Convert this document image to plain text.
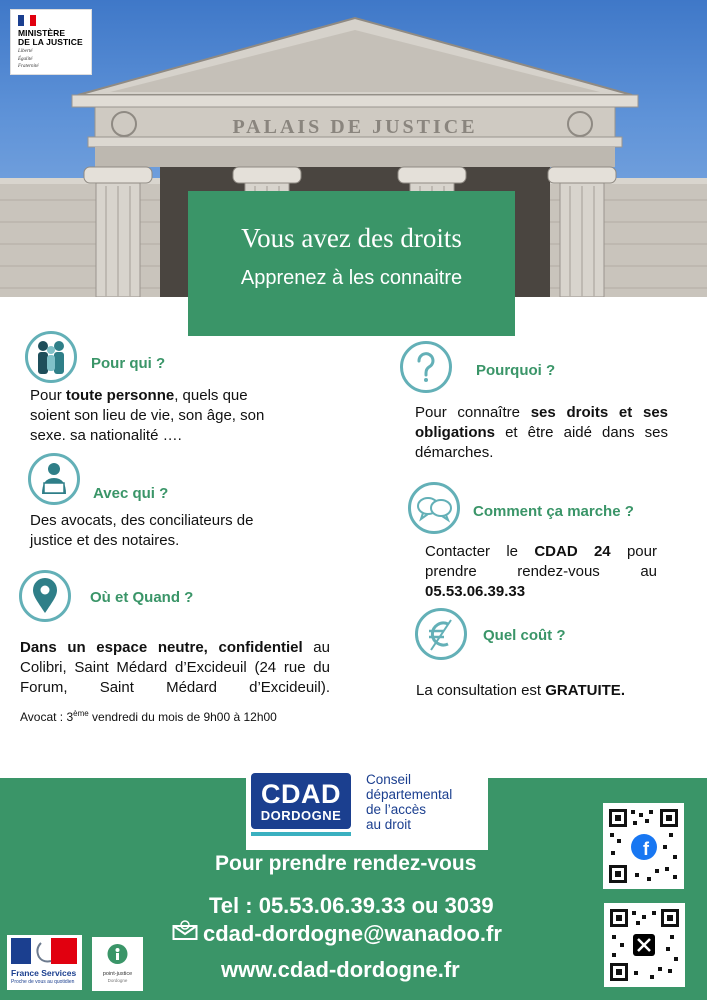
PALAIS DE JUSTICE
MINISTÈRE
DE LA JUSTICE
Liberté
Égalité
Fraternité
Vous avez des droits
Apprenez à les connaitre
Pour qui ?
Pour toute personne, quels que soient son lieu de vie, son âge, son sexe. sa nationalité ….
Avec qui ?
Des avocats, des conciliateurs de justice et des notaires.
Où et Quand ?
Dans un espace neutre, confidentiel au Colibri, Saint Médard d’Excideuil (24 rue du Forum, Saint Médard d’Excideuil).
Avocat : 3ème vendredi du mois de 9h00 à 12h00
Pourquoi ?
Pour connaître ses droits et ses obligations et être aidé dans ses démarches.
Comment ça marche ?
Contacter le CDAD 24 pour prendre rendez-vous au 05.53.06.39.33
Quel coût ?
La consultation est GRATUITE.
CDAD
DORDOGNE
Conseil
départemental
de l’accès
au droit
Pour prendre rendez-vous
Tel : 05.53.06.39.33 ou 3039
cdad-dordogne@wanadoo.fr
www.cdad-dordogne.fr
f
France Services
Proche de vous au quotidien
point-justice
Dordogne
